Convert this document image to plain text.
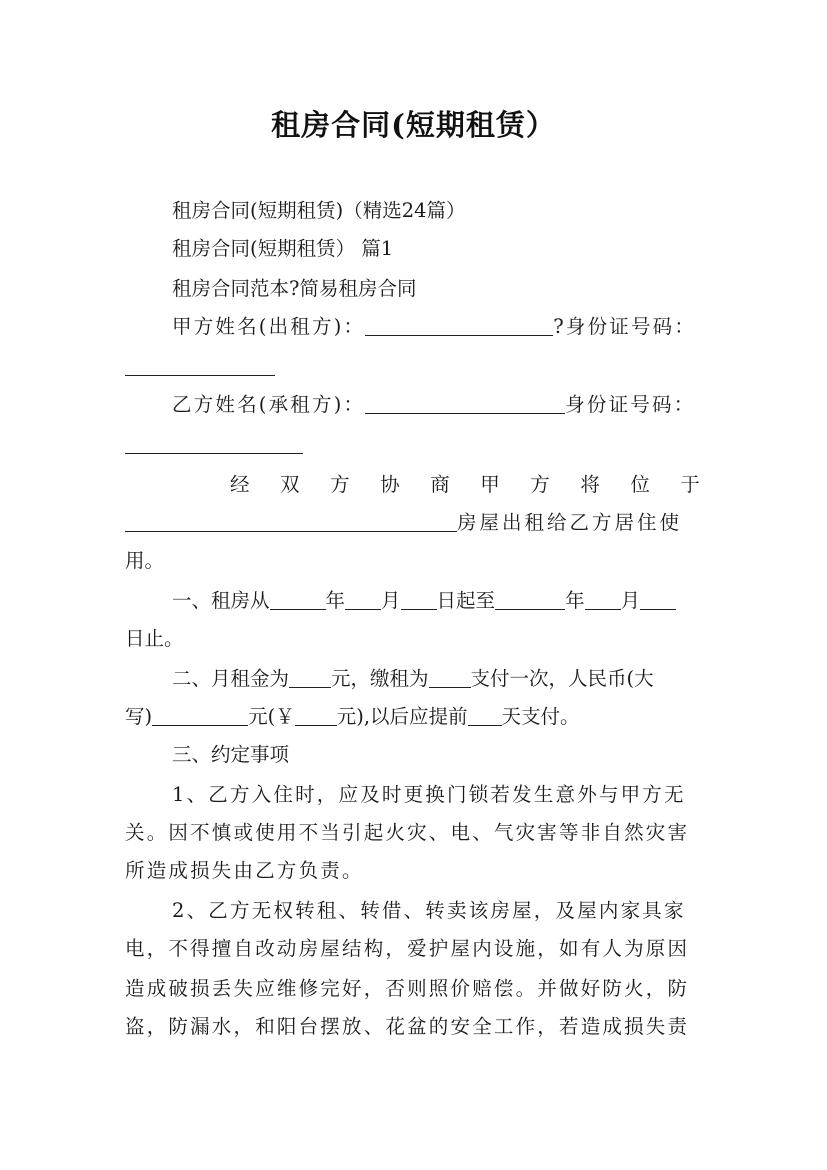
租房合同(短期租赁）
租房合同(短期租赁)（精选24篇）
租房合同(短期租赁） 篇1
租房合同范本?简易租房合同
甲方姓名(出租方)：	?身份证号码：
乙方姓名(承租方)：	身份证号码：
经 双 方 协 商 甲 方 将 位 于
房屋出租给乙方居住使
用。
一、租房从	年 月 日起至	年 月
日止。
二、月租金为 元，缴租为 支付一次，人民币(大
写)	元(￥ 元),以后应提前 天支付。
三、约定事项
1、乙方入住时，应及时更换门锁若发生意外与甲方无
关。因不慎或使用不当引起火灾、电、气灾害等非自然灾害
所造成损失由乙方负责。
2、乙方无权转租、转借、转卖该房屋，及屋内家具家
电，不得擅自改动房屋结构，爱护屋内设施，如有人为原因
造成破损丢失应维修完好，否则照价赔偿。并做好防火，防
盗，防漏水，和阳台摆放、花盆的安全工作，若造成损失责
